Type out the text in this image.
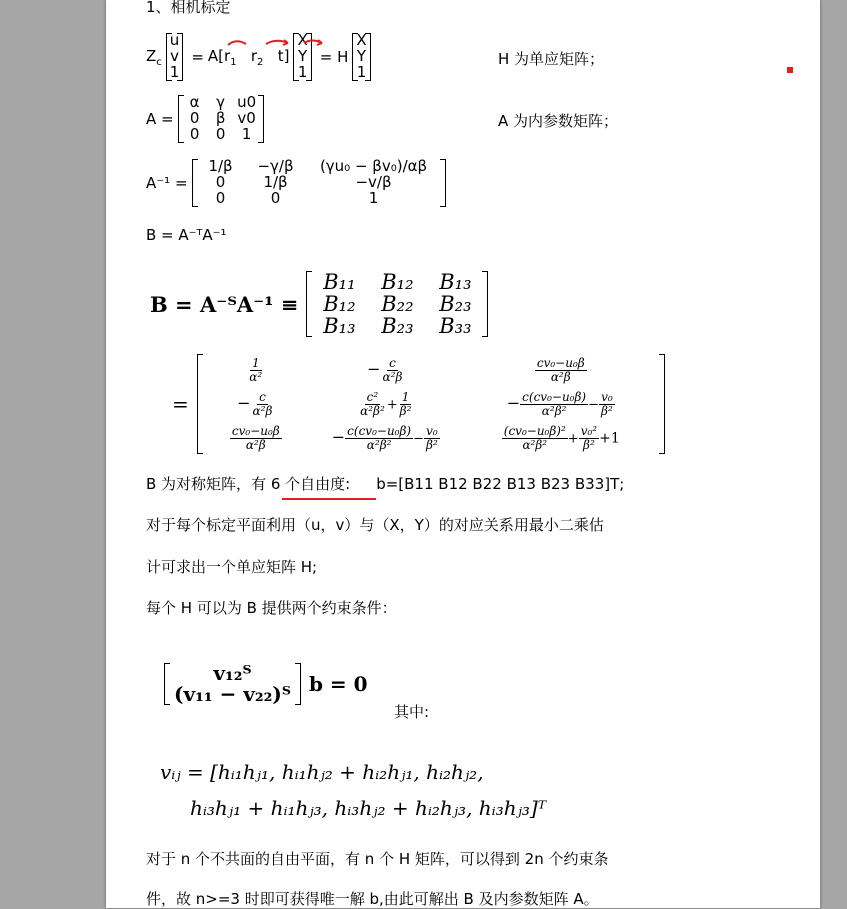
1、相机标定
$Z_c$
u
v
1
= $A[r_1$ $r_2$ t]
X
Y
1
= H
X
Y
1
H 为单应矩阵；
A =
α	γ u0
0	β v0
0	0	1
A 为内参数矩阵；
A⁻¹ =
1/β	−γ/β	(γu₀ − βv₀)/αβ
0	1/β	−v/β
0	0	1
B = A⁻ᵀA⁻¹
B = A⁻ᵀA⁻¹ ≡
B₁₁	B₁₂	B₁₃
B₁₂	B₂₂	B₂₃
B₁₃	B₂₃	B₃₃
=
$\frac{1}{\text{α²}}$	− $\frac{c}{\text{α²β}}$	$\frac{\text{cv₀−u₀β}}{\text{α²β}}$
− $\frac{c}{\text{α²β}}$	$\frac{\text{c²}}{\text{α²β²}} + \frac{1}{\text{β²}}$	− $\frac{\text{c(cv₀−u₀β)}}{\text{α²β²}} - \frac{\text{v₀}}{\text{β²}}$
$\frac{\text{cv₀−u₀β}}{\text{α²β}}$	− $\frac{\text{c(cv₀−u₀β)}}{\text{α²β²}} - \frac{\text{v₀}}{\text{β²}}$	$\frac{\text{(cv₀−u₀β)²}}{\text{α²β²}} + \frac{\text{v₀²}}{\text{β²}} +1$
B 为对称矩阵，有 6 个自由度: b=[B11 B12 B22 B13 B23 B33]T;
对于每个标定平面利用（u，v）与（X，Y）的对应关系用最小二乘估
计可求出一个单应矩阵 H;
每个 H 可以为 B 提供两个约束条件：
v₁₂ᵀ
(v₁₁ − v₂₂)ᵀ b = 0
其中:
vᵢⱼ = [hᵢ₁hⱼ₁, hᵢ₁hⱼ₂ + hᵢ₂hⱼ₁, hᵢ₂hⱼ₂,
hᵢ₃hⱼ₁ + hᵢ₁hⱼ₃, hᵢ₃hⱼ₂ + hᵢ₂hⱼ₃, hᵢ₃hⱼ₃]ᵀ
对于 n 个不共面的自由平面，有 n 个 H 矩阵，可以得到 2n 个约束条
件，故 n>=3 时即可获得唯一解 b,由此可解出 B 及内参数矩阵 A。
